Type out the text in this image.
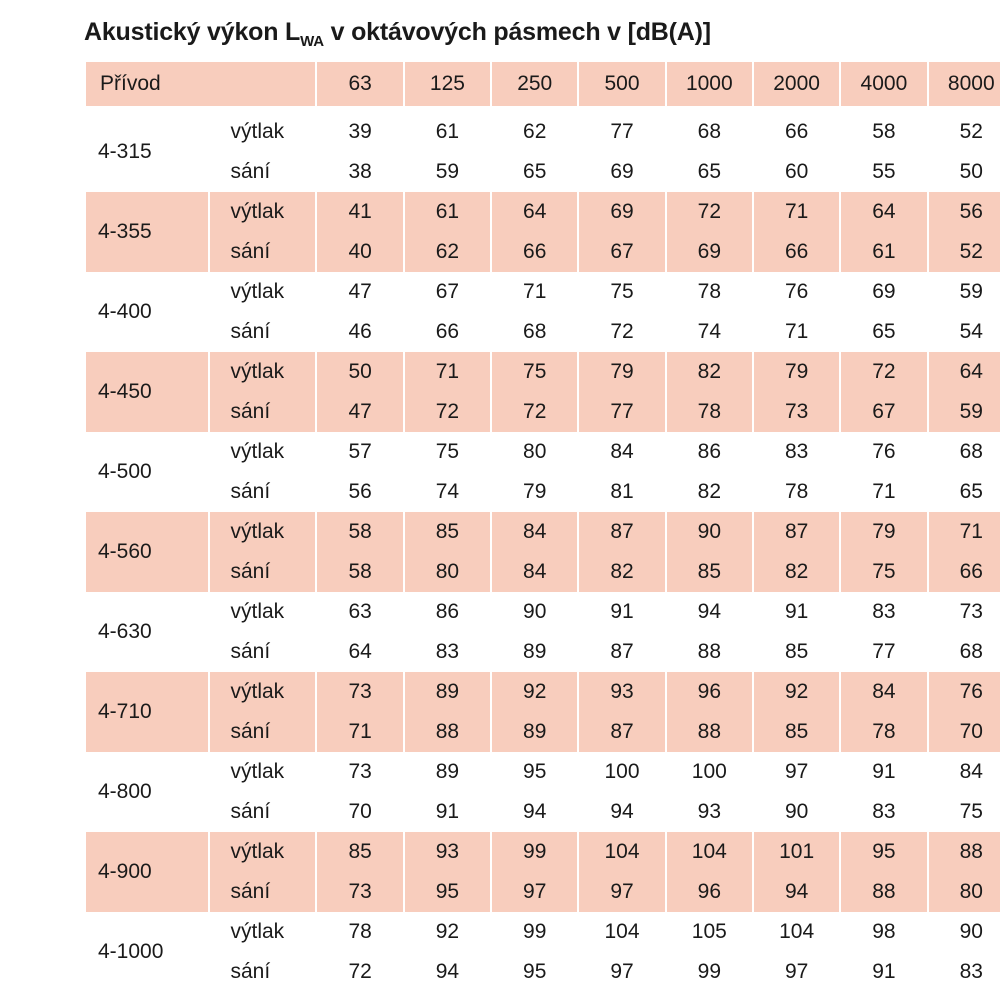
Akustický výkon $L_{WA}$ v oktávových pásmech v [dB(A)]
Přívod		63	125	250	500	1000	2000	4000	8000

4-315	výtlak	39	61	62	77	68	66	58	52
	sání	38	59	65	69	65	60	55	50
4-355	výtlak	41	61	64	69	72	71	64	56
	sání	40	62	66	67	69	66	61	52
4-400	výtlak	47	67	71	75	78	76	69	59
	sání	46	66	68	72	74	71	65	54
4-450	výtlak	50	71	75	79	82	79	72	64
	sání	47	72	72	77	78	73	67	59
4-500	výtlak	57	75	80	84	86	83	76	68
	sání	56	74	79	81	82	78	71	65
4-560	výtlak	58	85	84	87	90	87	79	71
	sání	58	80	84	82	85	82	75	66
4-630	výtlak	63	86	90	91	94	91	83	73
	sání	64	83	89	87	88	85	77	68
4-710	výtlak	73	89	92	93	96	92	84	76
	sání	71	88	89	87	88	85	78	70
4-800	výtlak	73	89	95	100	100	97	91	84
	sání	70	91	94	94	93	90	83	75
4-900	výtlak	85	93	99	104	104	101	95	88
	sání	73	95	97	97	96	94	88	80
4-1000	výtlak	78	92	99	104	105	104	98	90
	sání	72	94	95	97	99	97	91	83
